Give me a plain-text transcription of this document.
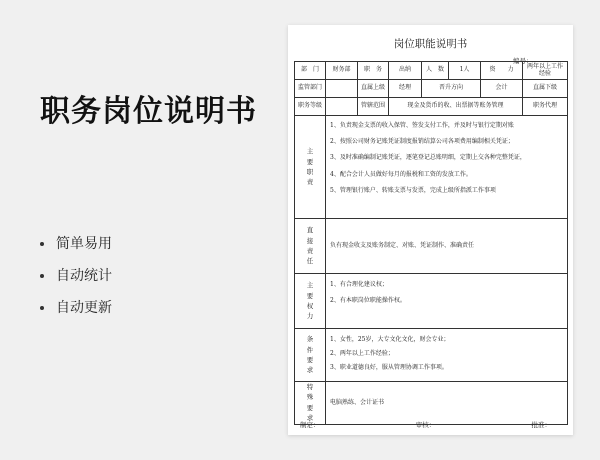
职务岗位说明书
简单易用
自动统计
自动更新
岗位职能说明书
编号：
部　门	财务部	职　务	出纳	人　数	1人	资　　力	两年以上工作经验
监管部门		直属上级	经理	晋升方向		会计	直属下级
职务等级		管辖范围	现金及货币的收、出票据等账务管理				职务代理

主要职责	1、负责现金支票的收入保管、签发支付工作，并及时与银行定期对账
2、按照公司财务记账凭证制度报销结算公司各项费用编制相关凭证；
3、及时准确编制记账凭证，逐笔登记总账明细，定期上交各种完整凭证，
4、配合会计人员做好每月的报税和工资的发放工作。
5、管理银行账户、转账支票与发票，完成上级所指派工作事项						

直接责任	负有现金收支及账务制定、对账、凭证制作、准确责任						

主要权力	1、有合理化建议权；
2、有本职岗位职能操作权。						

条件要求	1、女性，25岁，大专文化文化，财会专业；
2、两年以上工作经验；
3、职业道德良好，服从管理协调工作事项。						

特殊要求	电脑熟练、会计证书						
制定：	审核：	批准：
